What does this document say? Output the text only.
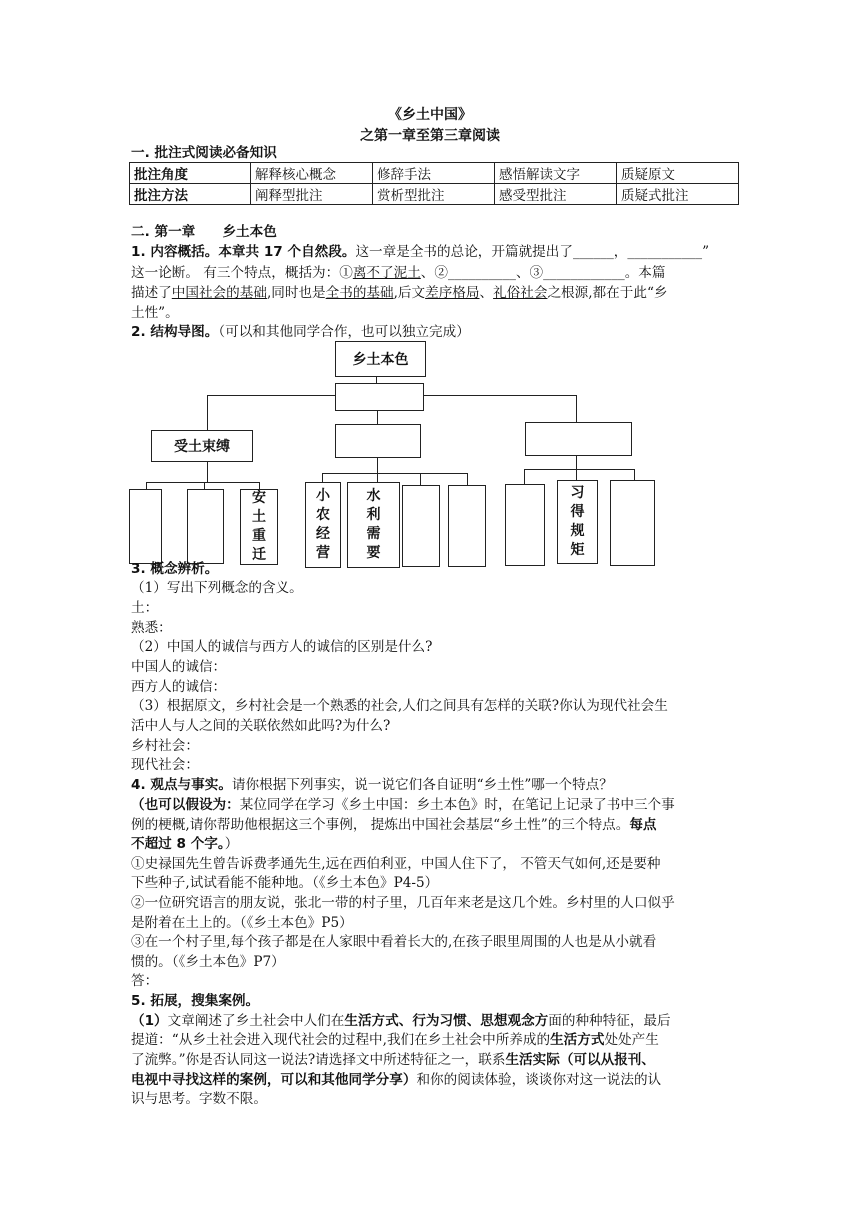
《乡土中国》
之第一章至第三章阅读
一. 批注式阅读必备知识
批注角度	解释核心概念	修辞手法	感悟解读文字	质疑原文
批注方法	阐释型批注	赏析型批注	感受型批注	质疑式批注
二. 第一章　　乡土本色
1. 内容概括。本章共 17 个自然段。这一章是全书的总论，开篇就提出了______，___________”
这一论断。 有三个特点，概括为：①离不了泥土、②__________、③____________。本篇
描述了中国社会的基础,同时也是全书的基础,后文差序格局、礼俗社会之根源,都在于此“乡
土性”。
2. 结构导图。（可以和其他同学合作，也可以独立完成）
乡土本色
受土束缚
安土重迁
小农经营
水利需要
习得规矩
3. 概念辨析。
（1）写出下列概念的含义。
土：
熟悉：
（2）中国人的诚信与西方人的诚信的区别是什么?
中国人的诚信：
西方人的诚信：
（3）根据原文，乡村社会是一个熟悉的社会,人们之间具有怎样的关联?你认为现代社会生
活中人与人之间的关联依然如此吗?为什么?
乡村社会：
现代社会：
4. 观点与事实。请你根据下列事实，说一说它们各自证明“乡土性”哪一个特点？
（也可以假设为：某位同学在学习《乡土中国：乡土本色》时，在笔记上记录了书中三个事
例的梗概,请你帮助他根据这三个事例， 提炼出中国社会基层“乡土性”的三个特点。每点
不超过 8 个字。）
①史禄国先生曾告诉费孝通先生,远在西伯利亚，中国人住下了， 不管天气如何,还是要种
下些种子,试试看能不能种地。（《乡土本色》P4-5）
②一位研究语言的朋友说，张北一带的村子里，几百年来老是这几个姓。乡村里的人口似乎
是附着在土上的。（《乡土本色》P5）
③在一个村子里,每个孩子都是在人家眼中看着长大的,在孩子眼里周围的人也是从小就看
惯的。（《乡土本色》P7）
答：
5. 拓展，搜集案例。
（1）文章阐述了乡土社会中人们在生活方式、行为习惯、思想观念方面的种种特征，最后
提道：“从乡土社会进入现代社会的过程中,我们在乡土社会中所养成的生活方式处处产生
了流弊。”你是否认同这一说法?请选择文中所述特征之一，联系生活实际（可以从报刊、
电视中寻找这样的案例，可以和其他同学分享）和你的阅读体验，谈谈你对这一说法的认
识与思考。字数不限。
